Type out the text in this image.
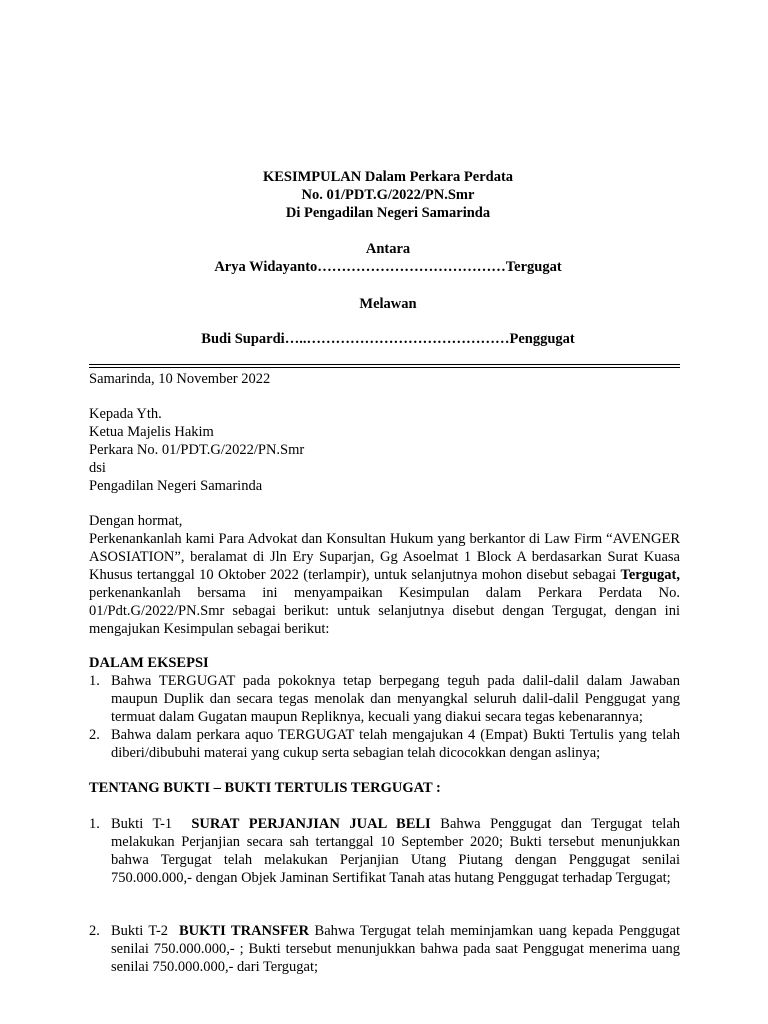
KESIMPULAN Dalam Perkara Perdata
No. 01/PDT.G/2022/PN.Smr
Di Pengadilan Negeri Samarinda
Antara
Arya Widayanto…………………………………Tergugat
Melawan
Budi Supardi…..……………………………………Penggugat
Samarinda, 10 November 2022
Kepada Yth.
Ketua Majelis Hakim
Perkara No. 01/PDT.G/2022/PN.Smr
dsi
Pengadilan Negeri Samarinda
Dengan hormat,
Perkenankanlah kami Para Advokat dan Konsultan Hukum yang berkantor di Law Firm “AVENGER ASOSIATION”, beralamat di Jln Ery Suparjan, Gg Asoelmat 1 Block A berdasarkan Surat Kuasa Khusus tertanggal 10 Oktober 2022 (terlampir), untuk selanjutnya mohon disebut sebagai Tergugat, perkenankanlah bersama ini menyampaikan Kesimpulan dalam Perkara Perdata No. 01/Pdt.G/2022/PN.Smr sebagai berikut: untuk selanjutnya disebut dengan Tergugat, dengan ini mengajukan Kesimpulan sebagai berikut:
DALAM EKSEPSI
1. Bahwa TERGUGAT pada pokoknya tetap berpegang teguh pada dalil-dalil dalam Jawaban maupun Duplik dan secara tegas menolak dan menyangkal seluruh dalil-dalil Penggugat yang termuat dalam Gugatan maupun Repliknya, kecuali yang diakui secara tegas kebenarannya;
2. Bahwa dalam perkara aquo TERGUGAT telah mengajukan 4 (Empat) Bukti Tertulis yang telah diberi/dibubuhi materai yang cukup serta sebagian telah dicocokkan dengan aslinya;
TENTANG BUKTI – BUKTI TERTULIS TERGUGAT :
1. Bukti T-1 SURAT PERJANJIAN JUAL BELI Bahwa Penggugat dan Tergugat telah melakukan Perjanjian secara sah tertanggal 10 September 2020; Bukti tersebut menunjukkan bahwa Tergugat telah melakukan Perjanjian Utang Piutang dengan Penggugat senilai 750.000.000,- dengan Objek Jaminan Sertifikat Tanah atas hutang Penggugat terhadap Tergugat;
2. Bukti T-2 BUKTI TRANSFER Bahwa Tergugat telah meminjamkan uang kepada Penggugat senilai 750.000.000,- ; Bukti tersebut menunjukkan bahwa pada saat Penggugat menerima uang senilai 750.000.000,- dari Tergugat;
